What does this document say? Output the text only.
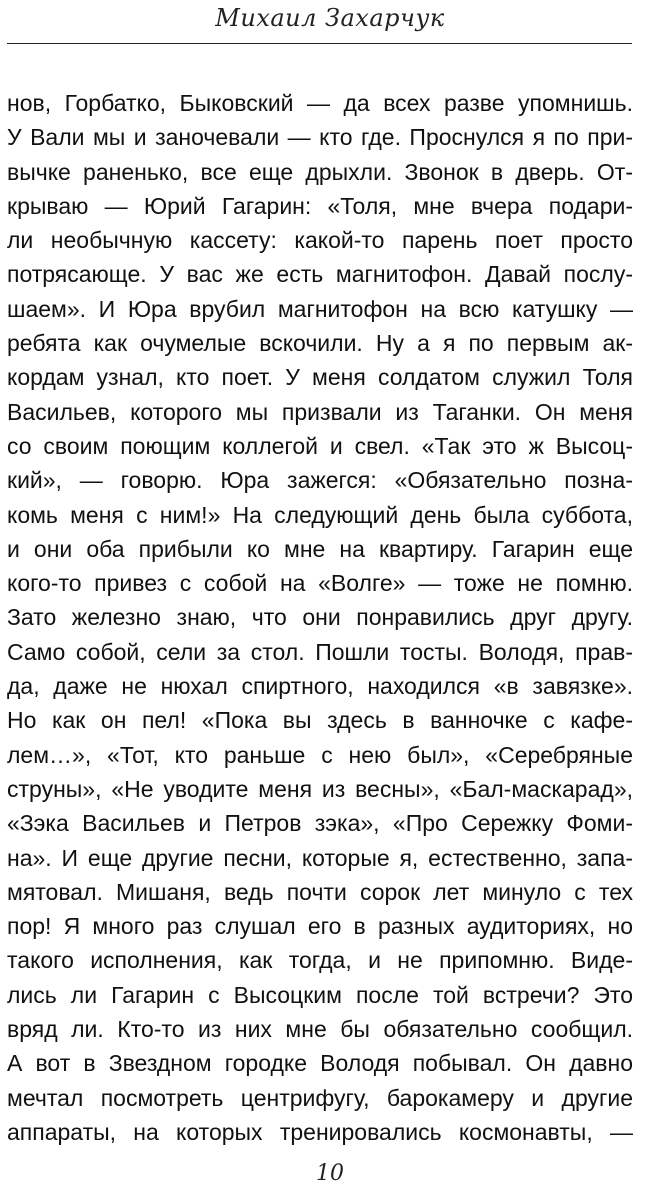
Михаил Захарчук
нов, Горбатко, Быковский — да всех разве упомнишь.
У Вали мы и заночевали — кто где. Проснулся я по при-
вычке раненько, все еще дрыхли. Звонок в дверь. От-
крываю — Юрий Гагарин: «Толя, мне вчера подари-
ли необычную кассету: какой-то парень поет просто
потрясающе. У вас же есть магнитофон. Давай послу-
шаем». И Юра врубил магнитофон на всю катушку —
ребята как очумелые вскочили. Ну а я по первым ак-
кордам узнал, кто поет. У меня солдатом служил Толя
Васильев, которого мы призвали из Таганки. Он меня
со своим поющим коллегой и свел. «Так это ж Высоц-
кий», — говорю. Юра зажегся: «Обязательно позна-
комь меня с ним!» На следующий день была суббота,
и они оба прибыли ко мне на квартиру. Гагарин еще
кого-то привез с собой на «Волге» — тоже не помню.
Зато железно знаю, что они понравились друг другу.
Само собой, сели за стол. Пошли тосты. Володя, прав-
да, даже не нюхал спиртного, находился «в завязке».
Но как он пел! «Пока вы здесь в ванночке с кафе-
лем…», «Тот, кто раньше с нею был», «Серебряные
струны», «Не уводите меня из весны», «Бал-маскарад»,
«Зэка Васильев и Петров зэка», «Про Сережку Фоми-
на». И еще другие песни, которые я, естественно, запа-
мятовал. Мишаня, ведь почти сорок лет минуло с тех
пор! Я много раз слушал его в разных аудиториях, но
такого исполнения, как тогда, и не припомню. Виде-
лись ли Гагарин с Высоцким после той встречи? Это
вряд ли. Кто-то из них мне бы обязательно сообщил.
А вот в Звездном городке Володя побывал. Он давно
мечтал посмотреть центрифугу, барокамеру и другие
аппараты, на которых тренировались космонавты, —
10
